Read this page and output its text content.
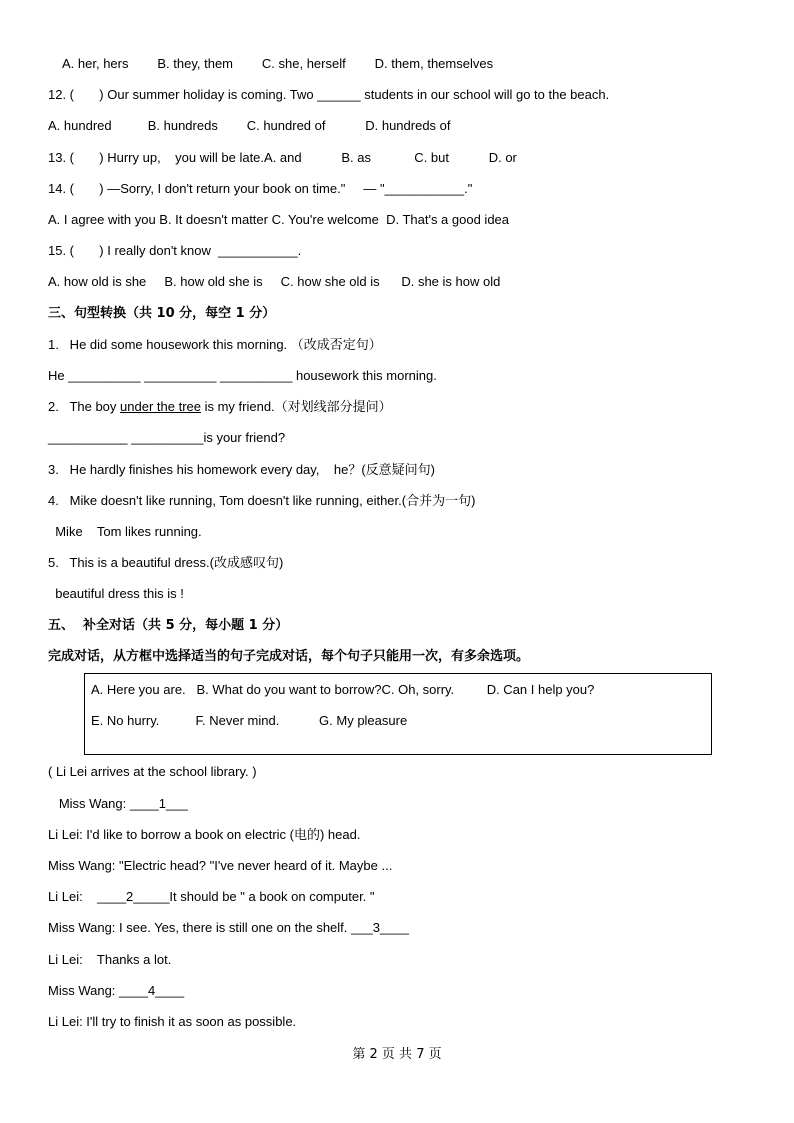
A. her, hers        B. they, them        C. she, herself        D. them, themselves
12. (       ) Our summer holiday is coming. Two ______ students in our school will go to the beach.
A. hundred          B. hundreds        C. hundred of           D. hundreds of
13. (       ) Hurry up,    you will be late.A. and           B. as            C. but           D. or
14. (       ) —Sorry, I don't return your book on time."     — "___________."
A. I agree with you B. It doesn't matter C. You're welcome  D. That's a good idea
15. (       ) I really don't know  ___________.
A. how old is she     B. how old she is     C. how she old is      D. she is how old
三、句型转换（共 10 分，每空 1 分）
1.   He did some housework this morning. （改成否定句）
He __________ __________ __________ housework this morning.
2.   The boy under the tree is my friend.（对划线部分提问）
___________ __________is your friend?
3.   He hardly finishes his homework every day,    he？(反意疑问句)
4.   Mike doesn't like running, Tom doesn't like running, either.(合并为一句)
Mike    Tom likes running.
5.   This is a beautiful dress.(改成感叹句)
beautiful dress this is !
五、  补全对话（共 5 分，每小题 1 分）
完成对话，从方框中选择适当的句子完成对话，每个句子只能用一次，有多余选项。
A. Here you are.   B. What do you want to borrow?C. Oh, sorry.         D. Can I help you?
E. No hurry.          F. Never mind.           G. My pleasure
( Li Lei arrives at the school library. )
Miss Wang: ____1___
Li Lei: I'd like to borrow a book on electric (电的) head.
Miss Wang: "Electric head? "I've never heard of it. Maybe ...
Li Lei:    ____2_____It should be " a book on computer. "
Miss Wang: I see. Yes, there is still one on the shelf. ___3____
Li Lei:    Thanks a lot.
Miss Wang: ____4____
Li Lei: I'll try to finish it as soon as possible.
第 2 页 共 7 页
